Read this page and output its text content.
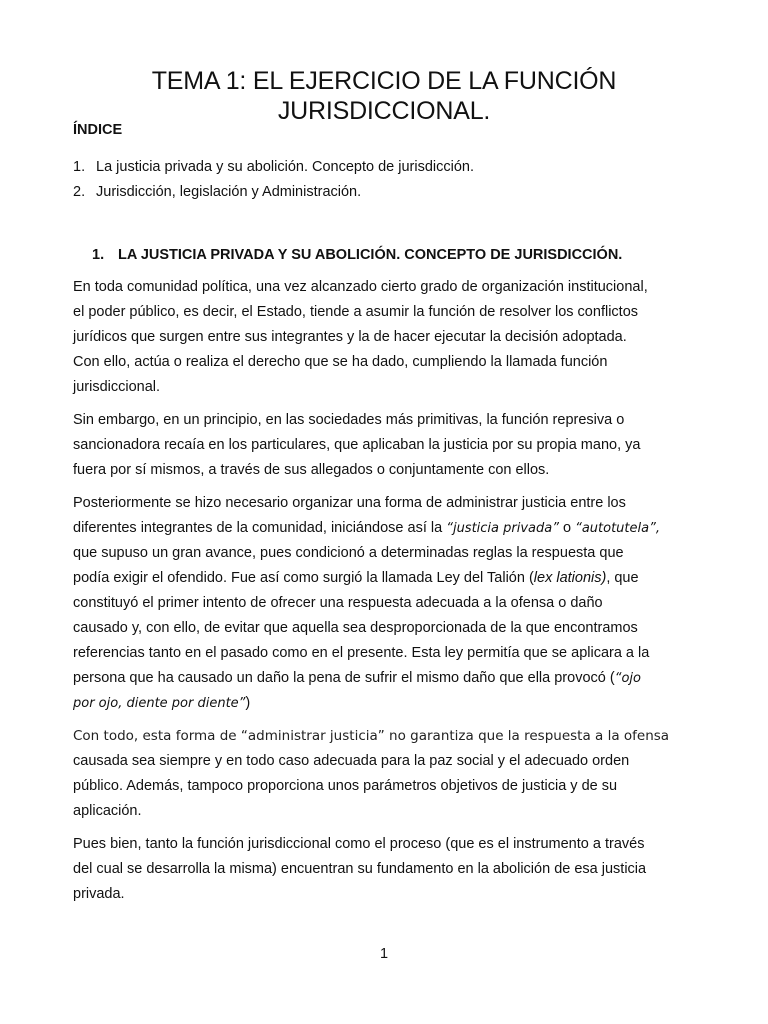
TEMA 1: EL EJERCICIO DE LA FUNCIÓN
JURISDICCIONAL.

ÍNDICE

1. La justicia privada y su abolición. Concepto de jurisdicción.
2. Jurisdicción, legislación y Administración.
1. LA JUSTICIA PRIVADA Y SU ABOLICIÓN. CONCEPTO DE JURISDICCIÓN.

En toda comunidad política, una vez alcanzado cierto grado de organización institucional,
el poder público, es decir, el Estado, tiende a asumir la función de resolver los conflictos
jurídicos que surgen entre sus integrantes y la de hacer ejecutar la decisión adoptada.
Con ello, actúa o realiza el derecho que se ha dado, cumpliendo la llamada función
jurisdiccional.

Sin embargo, en un principio, en las sociedades más primitivas, la función represiva o
sancionadora recaía en los particulares, que aplicaban la justicia por su propia mano, ya
fuera por sí mismos, a través de sus allegados o conjuntamente con ellos.

Posteriormente se hizo necesario organizar una forma de administrar justicia entre los
diferentes integrantes de la comunidad, iniciándose así la “justicia privada” o “autotutela”,
que supuso un gran avance, pues condicionó a determinadas reglas la respuesta que
podía exigir el ofendido. Fue así como surgió la llamada Ley del Talión (lex lationis), que
constituyó el primer intento de ofrecer una respuesta adecuada a la ofensa o daño
causado y, con ello, de evitar que aquella sea desproporcionada de la que encontramos
referencias tanto en el pasado como en el presente. Esta ley permitía que se aplicara a la
persona que ha causado un daño la pena de sufrir el mismo daño que ella provocó (“ojo
por ojo, diente por diente”)

Con todo, esta forma de “administrar justicia” no garantiza que la respuesta a la ofensa
causada sea siempre y en todo caso adecuada para la paz social y el adecuado orden
público. Además, tampoco proporciona unos parámetros objetivos de justicia y de su
aplicación.

Pues bien, tanto la función jurisdiccional como el proceso (que es el instrumento a través
del cual se desarrolla la misma) encuentran su fundamento en la abolición de esa justicia
privada.

1
